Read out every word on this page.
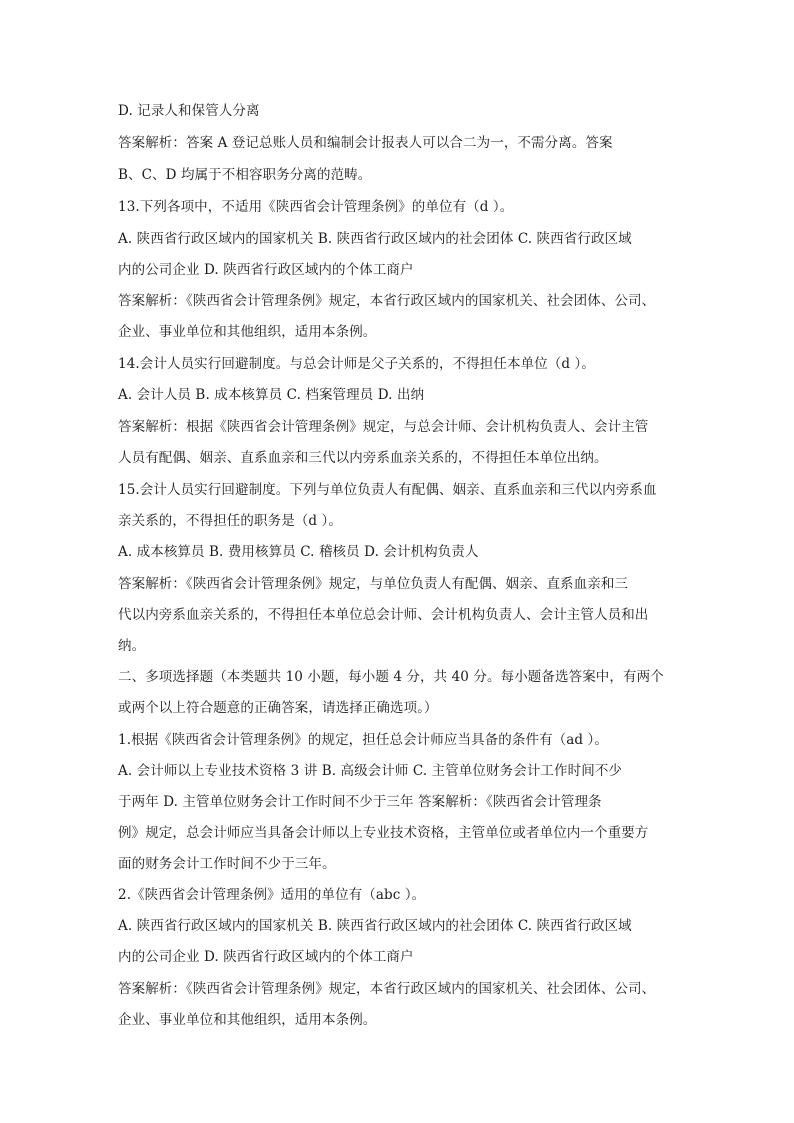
D. 记录人和保管人分离
答案解析：答案 A 登记总账人员和编制会计报表人可以合二为一，不需分离。答案
B、C、D 均属于不相容职务分离的范畴。
13.下列各项中，不适用《陕西省会计管理条例》的单位有（d ）。
A. 陕西省行政区域内的国家机关 B. 陕西省行政区域内的社会团体 C. 陕西省行政区域
内的公司企业 D. 陕西省行政区域内的个体工商户
答案解析：《陕西省会计管理条例》规定，本省行政区域内的国家机关、社会团体、公司、
企业、事业单位和其他组织，适用本条例。
14.会计人员实行回避制度。与总会计师是父子关系的，不得担任本单位（d ）。
A. 会计人员 B. 成本核算员 C. 档案管理员 D. 出纳
答案解析：根据《陕西省会计管理条例》规定，与总会计师、会计机构负责人、会计主管
人员有配偶、姻亲、直系血亲和三代以内旁系血亲关系的，不得担任本单位出纳。
15.会计人员实行回避制度。下列与单位负责人有配偶、姻亲、直系血亲和三代以内旁系血
亲关系的，不得担任的职务是（d ）。
A. 成本核算员 B. 费用核算员 C. 稽核员 D. 会计机构负责人
答案解析：《陕西省会计管理条例》规定，与单位负责人有配偶、姻亲、直系血亲和三
代以内旁系血亲关系的，不得担任本单位总会计师、会计机构负责人、会计主管人员和出
纳。
二、多项选择题（本类题共 10 小题，每小题 4 分，共 40 分。每小题备选答案中，有两个
或两个以上符合题意的正确答案，请选择正确选项。）
1.根据《陕西省会计管理条例》的规定，担任总会计师应当具备的条件有（ad ）。
A. 会计师以上专业技术资格 3 讲 B. 高级会计师 C. 主管单位财务会计工作时间不少
于两年 D. 主管单位财务会计工作时间不少于三年 答案解析：《陕西省会计管理条
例》规定，总会计师应当具备会计师以上专业技术资格，主管单位或者单位内一个重要方
面的财务会计工作时间不少于三年。
2.《陕西省会计管理条例》适用的单位有（abc ）。
A. 陕西省行政区域内的国家机关 B. 陕西省行政区域内的社会团体 C. 陕西省行政区域
内的公司企业 D. 陕西省行政区域内的个体工商户
答案解析：《陕西省会计管理条例》规定，本省行政区域内的国家机关、社会团体、公司、
企业、事业单位和其他组织，适用本条例。
